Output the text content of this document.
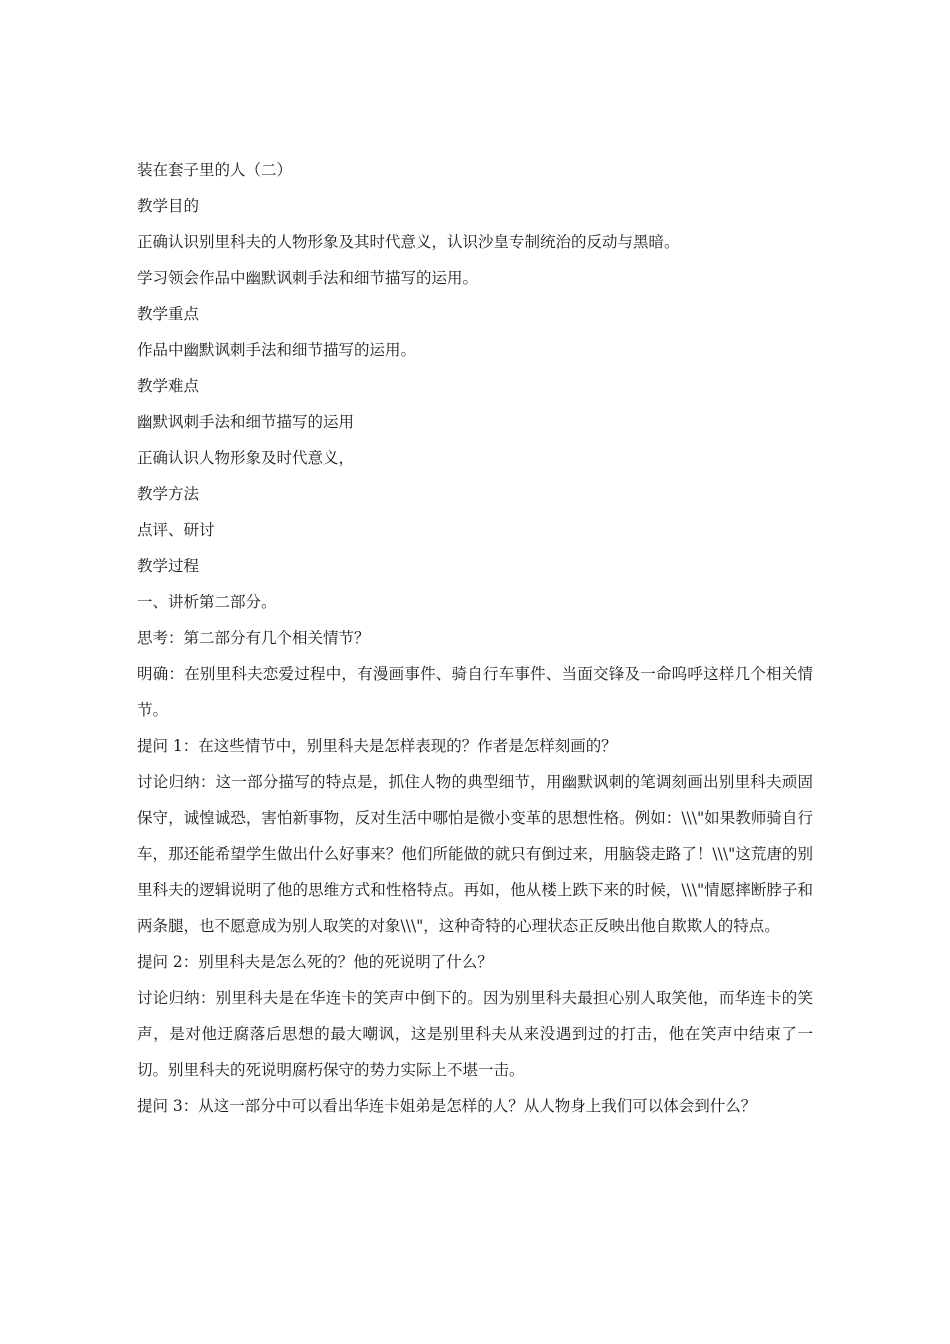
装在套子里的人（二）
教学目的
正确认识别里科夫的人物形象及其时代意义，认识沙皇专制统治的反动与黑暗。
学习领会作品中幽默讽刺手法和细节描写的运用。
教学重点
作品中幽默讽刺手法和细节描写的运用。
教学难点
幽默讽刺手法和细节描写的运用
正确认识人物形象及时代意义，
教学方法
点评、研讨
教学过程
一、讲析第二部分。
思考：第二部分有几个相关情节？
明确：在别里科夫恋爱过程中，有漫画事件、骑自行车事件、当面交锋及一命呜呼这样几个相关情节。
提问 1：在这些情节中，别里科夫是怎样表现的？作者是怎样刻画的？
讨论归纳：这一部分描写的特点是，抓住人物的典型细节，用幽默讽刺的笔调刻画出别里科夫顽固保守，诚惶诚恐，害怕新事物，反对生活中哪怕是微小变革的思想性格。例如：\\\"如果教师骑自行车，那还能希望学生做出什么好事来？他们所能做的就只有倒过来，用脑袋走路了！\\\"这荒唐的别里科夫的逻辑说明了他的思维方式和性格特点。再如，他从楼上跌下来的时候，\\\"情愿摔断脖子和两条腿，也不愿意成为别人取笑的对象\\\"，这种奇特的心理状态正反映出他自欺欺人的特点。
提问 2：别里科夫是怎么死的？他的死说明了什么？
讨论归纳：别里科夫是在华连卡的笑声中倒下的。因为别里科夫最担心别人取笑他，而华连卡的笑声，是对他迂腐落后思想的最大嘲讽，这是别里科夫从来没遇到过的打击，他在笑声中结束了一切。别里科夫的死说明腐朽保守的势力实际上不堪一击。
提问 3：从这一部分中可以看出华连卡姐弟是怎样的人？从人物身上我们可以体会到什么？
